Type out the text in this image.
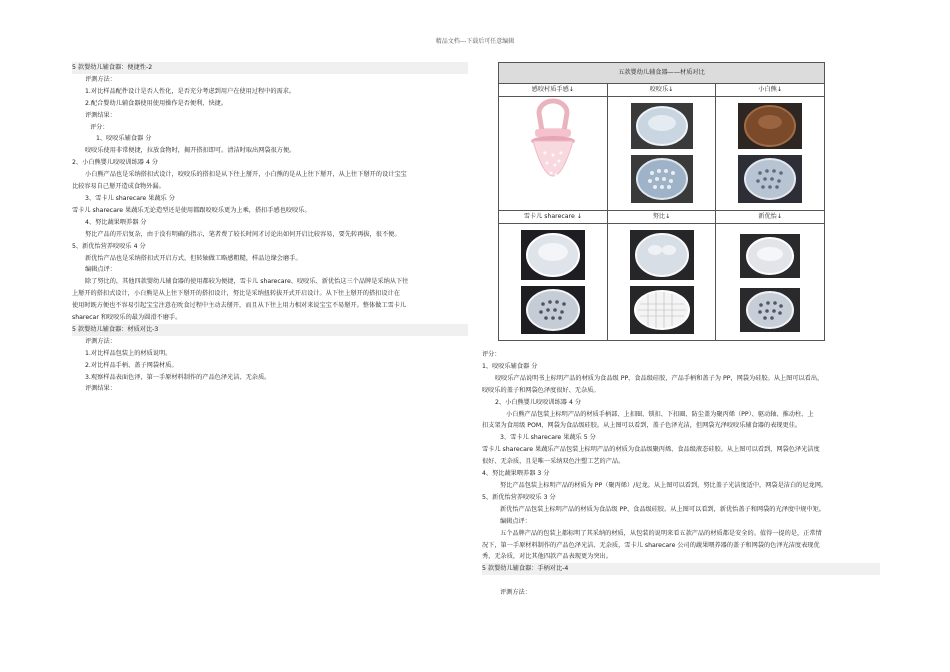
精品文档---下载后可任意编辑
5 款婴幼儿辅食器：便捷性-2
评测方法：
1.对比样品配件设计是否人性化，是否充分考虑到用户在使用过程中的需求。
2.配合婴幼儿辅食器使用使用操作是否便利、快捷。
评测结果：
评分：
1、咬咬乐辅食器 分
咬咬乐使用非常便捷，拉放食物时，揭开搭扣即可。清洁时取出网袋很方便。
2、小白熊婴儿咬咬训练器 4 分
小白熊产品也是采纳搭扣式设计，咬咬乐的搭扣是从下往上掰开，小白熊的是从上往下掰开，从上往下掰开的设计宝宝
比较容易自己掰开造成食物外漏。
3、雪卡儿 sharecare 果蔬乐 分
雪卡儿 sharecare 果蔬乐无论造型还是使用都跟咬咬乐更为上乘，搭扣手感也咬咬乐。
4、努比蔬果喂养器 分
努比产品的开启复杂，由于没有明确的指示，笔者费了较长时间才讨论出如何开启比较容易，要先转再拔，很不便。
5、新优怡营养咬咬乐 4 分
新优怡产品也是采纳搭扣式开启方式，但转轴做工略感粗糙，样品边缘会磨手。
编辑点评：
除了努比的，其他四款婴幼儿辅食器的使用都较为便捷，雪卡儿 sharecare、咬咬乐、新优怡这三个品牌是采纳从下往
上掰开的搭扣式设计，小白熊是从上往下掰开的搭扣设计，努比是采纳扭转拔开式开启设计。从下往上掰开的搭扣设计在
使用时既方便也不容易引起宝宝注意在吮食过程中主动去掰开，而且从下往上用力相对来说宝宝不易掰开。整体做工雪卡儿
sharecar 和咬咬乐的最为圆滑不磨手。
5 款婴幼儿辅食器：材质对比-3
评测方法：
1.对比样品包装上的材质说明。
2.对比样品手柄、盖子网袋材质。
3.观察样品表面色泽，第一手原材料制作的产品色泽光洁、无杂质。
评测结果：
五款婴幼儿辅食器——材质对比
感咬村质手感↓	咬咬乐↓	小白熊↓
雪卡儿 sharecare ↓	努比↓	新优怡↓
评分：
1、咬咬乐辅食器 分
咬咬乐产品说明书上标明产品的材质为食品级 PP、食品级硅胶，产品手柄和盖子为 PP，网袋为硅胶。从上图可以看出，
咬咬乐的盖子和网袋色泽度很好、无杂质。
2、小白熊婴儿咬咬训练器 4 分
小白熊产品包装上标明产品的材质手柄部、上扣圈、锁扣、下扣圈、防尘盖为聚丙烯（PP）、驱动轴、推动柱、上
扣支架为食用级 POM，网袋为食品级硅胶。从上图可以看到，盖子色泽光洁，但网袋光泽咬咬乐辅食器的表现更佳。
3、雪卡儿 sharecare 果蔬乐 5 分
雪卡儿 sharecare 果蔬乐产品包装上标明产品的材质为食品级聚丙烯、食品级液态硅胶。从上图可以看到，网袋色泽光洁度
很好、无杂质，且是唯一采纳双色注塑工艺的产品。
4、努比蔬果喂养器 3 分
努比产品包装上标明产品的材质为 PP（聚丙烯）/尼龙。从上图可以看到，努比盖子光洁度适中，网袋是洁白的尼龙网。
5、新优怡营养咬咬乐 3 分
新优怡产品包装上标明产品的材质为食品级 PP、食品级硅胶。从上图可以看到，新优怡盖子和网袋的光泽度中规中矩。
编辑点评：
五个品牌产品的包装上都标明了其采纳的材质，从包装的说明来看五款产品的材质都是安全的。值得一提的是，正常情
况下，第一手原材料制作的产品色泽光洁、无杂质，雪卡儿 sharecare 公司的蔬果喂养器的盖子和网袋的色泽光洁度表现优
秀，无杂质，对比其他四款产品表现更为突出。
5 款婴幼儿辅食器：手柄对比-4

评测方法：
